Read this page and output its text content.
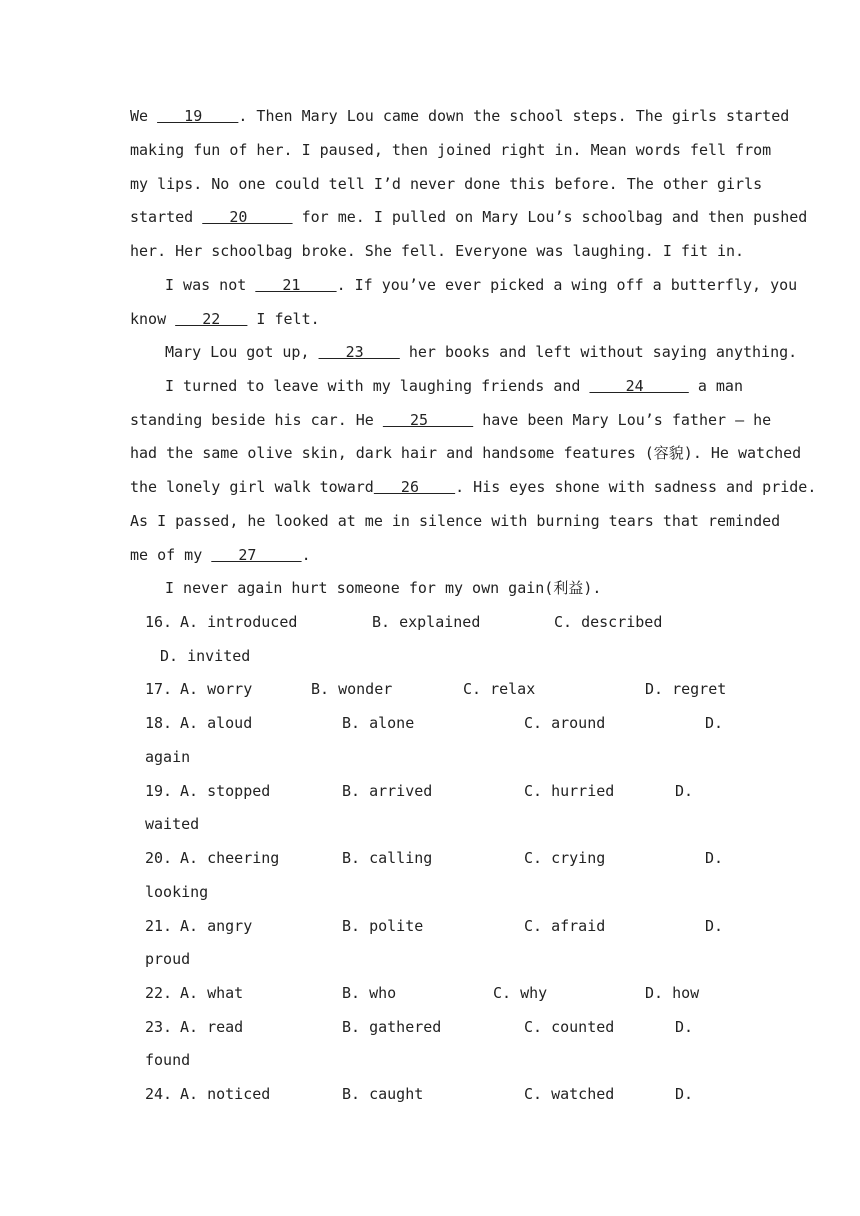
We    19    . Then Mary Lou came down the school steps. The girls started
making fun of her. I paused, then joined right in. Mean words fell from
my lips. No one could tell I’d never done this before. The other girls
started    20      for me. I pulled on Mary Lou’s schoolbag and then pushed
her. Her schoolbag broke. She fell. Everyone was laughing. I fit in.
I was not    21    . If you’ve ever picked a wing off a butterfly, you
know    22    I felt.
Mary Lou got up,    23     her books and left without saying anything.
I turned to leave with my laughing friends and     24      a man
standing beside his car. He    25      have been Mary Lou’s father — he
had the same olive skin, dark hair and handsome features (容貌). He watched
the lonely girl walk toward   26    . His eyes shone with sadness and pride.
As I passed, he looked at me in silence with burning tears that reminded
me of my    27     .
I never again hurt someone for my own gain(利益).
16. A. introduced	B. explained	C. described
D. invited
17. A. worry	B. wonder	C. relax	D. regret
18. A. aloud	B. alone	C. around	D.
again
19. A. stopped	B. arrived	C. hurried	D.
waited
20. A. cheering	B. calling	C. crying	D.
looking
21. A. angry	B. polite	C. afraid	D.
proud
22. A. what	B. who	C. why	D. how
23. A. read	B. gathered	C. counted	D.
found
24. A. noticed	B. caught	C. watched	D.
